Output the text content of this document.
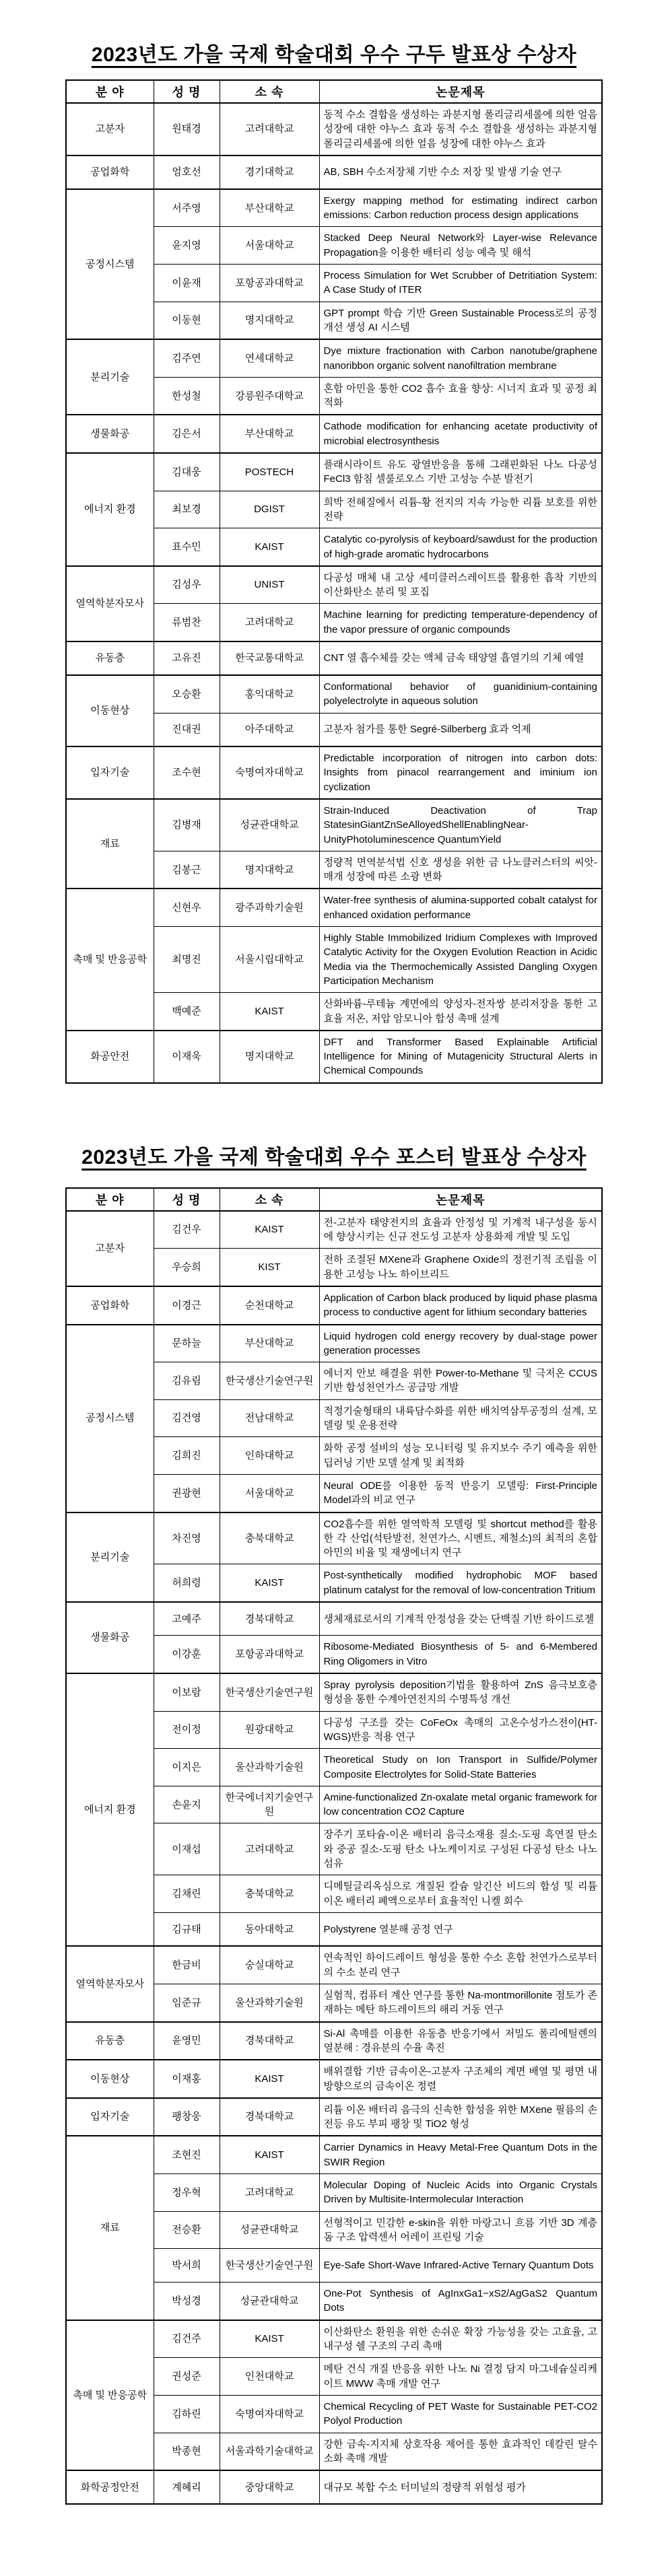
2023년도 가을 국제 학술대회 우수 구두 발표상 수상자
분 야	성 명	소 속	논문제목
고분자	원태경	고려대학교	동적 수소 결합을 생성하는 과분지형 폴리글리세롤에 의한 얼음 성장에 대한 야누스 효과 동적 수소 결합을 생성하는 과분지형 폴리글리세롤에 의한 얼음 성장에 대한 야누스 효과
공업화학	엄호선	경기대학교	AB, SBH 수소저장체 기반 수소 저장 및 발생 기술 연구
공정시스템	서주영	부산대학교	Exergy mapping method for estimating indirect carbon emissions: Carbon reduction process design applications
	윤지영	서울대학교	Stacked Deep Neural Network와 Layer-wise Relevance Propagation을 이용한 배터리 성능 예측 및 해석
	이윤재	포항공과대학교	Process Simulation for Wet Scrubber of Detritiation System: A Case Study of ITER
	이동현	명지대학교	GPT prompt 학습 기반 Green Sustainable Process로의 공정 개선 생성 AI 시스템
분리기술	김주연	연세대학교	Dye mixture fractionation with Carbon nanotube/graphene nanoribbon organic solvent nanofiltration membrane
	한성철	강릉원주대학교	혼합 아민을 통한 CO2 흡수 효율 향상: 시너지 효과 및 공정 최적화
생물화공	김은서	부산대학교	Cathode modification for enhancing acetate productivity of microbial electrosynthesis
에너지 환경	김대웅	POSTECH	플래시라이트 유도 광열반응을 통해 그래핀화된 나노 다공성 FeCl3 함침 셀룰로오스 기반 고성능 수분 발전기
	최보경	DGIST	희박 전해질에서 리튬-황 전지의 지속 가능한 리튬 보호를 위한 전략
	표수민	KAIST	Catalytic co-pyrolysis of keyboard/sawdust for the production of high-grade aromatic hydrocarbons
열역학분자모사	김성우	UNIST	다공성 매체 내 고상 세미클러스레이트를 활용한 흡착 기반의 이산화탄소 분리 및 포집
	류범찬	고려대학교	Machine learning for predicting temperature-dependency of the vapor pressure of organic compounds
유동층	고유진	한국교통대학교	CNT 열 흡수체를 갖는 액체 금속 태양열 흡열기의 기체 예열
이동현상	오승환	홍익대학교	Conformational behavior of guanidinium-containing polyelectrolyte in aqueous solution
	진대권	아주대학교	고분자 첨가를 통한 Segré-Silberberg 효과 억제
입자기술	조수현	숙명여자대학교	Predictable incorporation of nitrogen into carbon dots: Insights from pinacol rearrangement and iminium ion cyclization
재료	김병재	성균관대학교	Strain-Induced Deactivation of Trap StatesinGiantZnSeAlloyedShellEnablingNear-UnityPhotoluminescence QuantumYield
	김봉근	명지대학교	정량적 면역분석법 신호 생성을 위한 금 나노클러스터의 씨앗-매개 성장에 따른 소광 변화
촉매 및 반응공학	신현우	광주과학기술원	Water-free synthesis of alumina-supported cobalt catalyst for enhanced oxidation performance
	최명진	서울시립대학교	Highly Stable Immobilized Iridium Complexes with Improved Catalytic Activity for the Oxygen Evolution Reaction in Acidic Media via the Thermochemically Assisted Dangling Oxygen Participation Mechanism
	백예준	KAIST	산화바륨-루테늄 계면에의 양성자-전자쌍 분리저장을 통한 고효율 저온, 저압 암모니아 합성 촉매 설계
화공안전	이재욱	명지대학교	DFT and Transformer Based Explainable Artificial Intelligence for Mining of Mutagenicity Structural Alerts in Chemical Compounds
2023년도 가을 국제 학술대회 우수 포스터 발표상 수상자
분 야	성 명	소 속	논문제목
고분자	김건우	KAIST	전-고분자 태양전지의 효율과 안정성 및 기계적 내구성을 동시에 향상시키는 신규 전도성 고분자 상용화제 개발 및 도입
	우승희	KIST	전하 조절된 MXene과 Graphene Oxide의 정전기적 조립을 이용한 고성능 나노 하이브리드
공업화학	이경근	순천대학교	Application of Carbon black produced by liquid phase plasma process to conductive agent for lithium secondary batteries
공정시스템	문하늘	부산대학교	Liquid hydrogen cold energy recovery by dual-stage power generation processes
	김유림	한국생산기술연구원	에너지 안보 해결을 위한 Power-to-Methane 및 극저온 CCUS 기반 합성천연가스 공급망 개발
	김건영	전남대학교	적정기술형태의 내륙담수화를 위한 배치역삼투공정의 설계, 모델링 및 운용전략
	김희진	인하대학교	화학 공정 설비의 성능 모니터링 및 유지보수 주기 예측을 위한 딥러닝 기반 모델 설계 및 최적화
	권광현	서울대학교	Neural ODE를 이용한 동적 반응기 모델링: First-Principle Model과의 비교 연구
분리기술	차진영	충북대학교	CO2흡수를 위한 열역학적 모델링 및 shortcut method를 활용한 각 산업(석탄발전, 천연가스, 시멘트, 제철소)의 최적의 혼합 아민의 비율 및 재생에너지 연구
	허희령	KAIST	Post-synthetically modified hydrophobic MOF based platinum catalyst for the removal of low-concentration Tritium
생물화공	고예주	경북대학교	생체재료로서의 기계적 안정성을 갖는 단백질 기반 하이드로젤
	이강훈	포항공과대학교	Ribosome-Mediated Biosynthesis of 5- and 6-Membered Ring Oligomers in Vitro
에너지 환경	이보람	한국생산기술연구원	Spray pyrolysis deposition기법을 활용하여 ZnS 음극보호층 형성을 통한 수계아연전지의 수명특성 개선
	전이정	원광대학교	다공성 구조를 갖는 CoFeOx 촉매의 고온수성가스전이(HT-WGS)반응 적용 연구
	이지은	울산과학기술원	Theoretical Study on Ion Transport in Sulfide/Polymer Composite Electrolytes for Solid-State Batteries
	손윤지	한국에너지기술연구원	Amine-functionalized Zn-oxalate metal organic framework for low concentration CO2 Capture
	이재섭	고려대학교	장주기 포타슘-이온 배터리 음극소재용 질소-도핑 흑연질 탄소와 중공 질소-도핑 탄소 나노케이지로 구성된 다공성 탄소 나노섬유
	김채린	충북대학교	디메틸글리옥심으로 개질된 칼슘 알긴산 비드의 합성 및 리튬 이온 배터리 폐액으로부터 효율적인 니켈 회수
	김규태	동아대학교	Polystyrene 열분해 공정 연구
열역학분자모사	한금비	숭실대학교	연속적인 하이드레이트 형성을 통한 수소 혼합 천연가스로부터의 수소 분리 연구
	임준규	울산과학기술원	실험적, 컴퓨터 계산 연구를 통한 Na-montmorillonite 점토가 존재하는 메탄 하드레이트의 해리 거동 연구
유동층	윤영민	경북대학교	Si-Al 촉매를 이용한 유동층 반응기에서 저밀도 폴리에틸렌의 열분해 : 경유분의 수율 촉진
이동현상	이재홍	KAIST	배위결합 기반 금속이온-고분자 구조체의 계면 배열 및 평면 내 방향으로의 금속이온 정렬
입자기술	팽창웅	경북대학교	리튬 이온 배터리 음극의 신속한 합성을 위한 MXene 필름의 손전등 유도 부피 팽창 및 TiO2 형성
재료	조현진	KAIST	Carrier Dynamics in Heavy Metal-Free Quantum Dots in the SWIR Region
	정우혁	고려대학교	Molecular Doping of Nucleic Acids into Organic Crystals Driven by Multisite-Intermolecular Interaction
	전승환	성균관대학교	선형적이고 민감한 e-skin을 위한 마랑고니 흐름 기반 3D 계층돔 구조 압력센서 어레이 프린팅 기술
	박서희	한국생산기술연구원	Eye-Safe Short-Wave Infrared-Active Ternary Quantum Dots
	박성경	성균관대학교	One-Pot Synthesis of AgInxGa1−xS2/AgGaS2 Quantum Dots
촉매 및 반응공학	김건주	KAIST	이산화탄소 환원을 위한 손쉬운 확장 가능성을 갖는 고효율, 고내구성 쉘 구조의 구리 촉매
	권성준	인천대학교	메탄 건식 개질 반응을 위한 나노 Ni 결정 담지 마그네슘실리케이트 MWW 촉매 개발 연구
	김하린	숙명여자대학교	Chemical Recycling of PET Waste for Sustainable PET-CO2 Polyol Production
	박종현	서울과학기술대학교	강한 금속-지지체 상호작용 제어를 통한 효과적인 데칼린 탈수소화 촉매 개발
화학공정안전	계혜리	중앙대학교	대규모 복합 수소 터미널의 정량적 위험성 평가
